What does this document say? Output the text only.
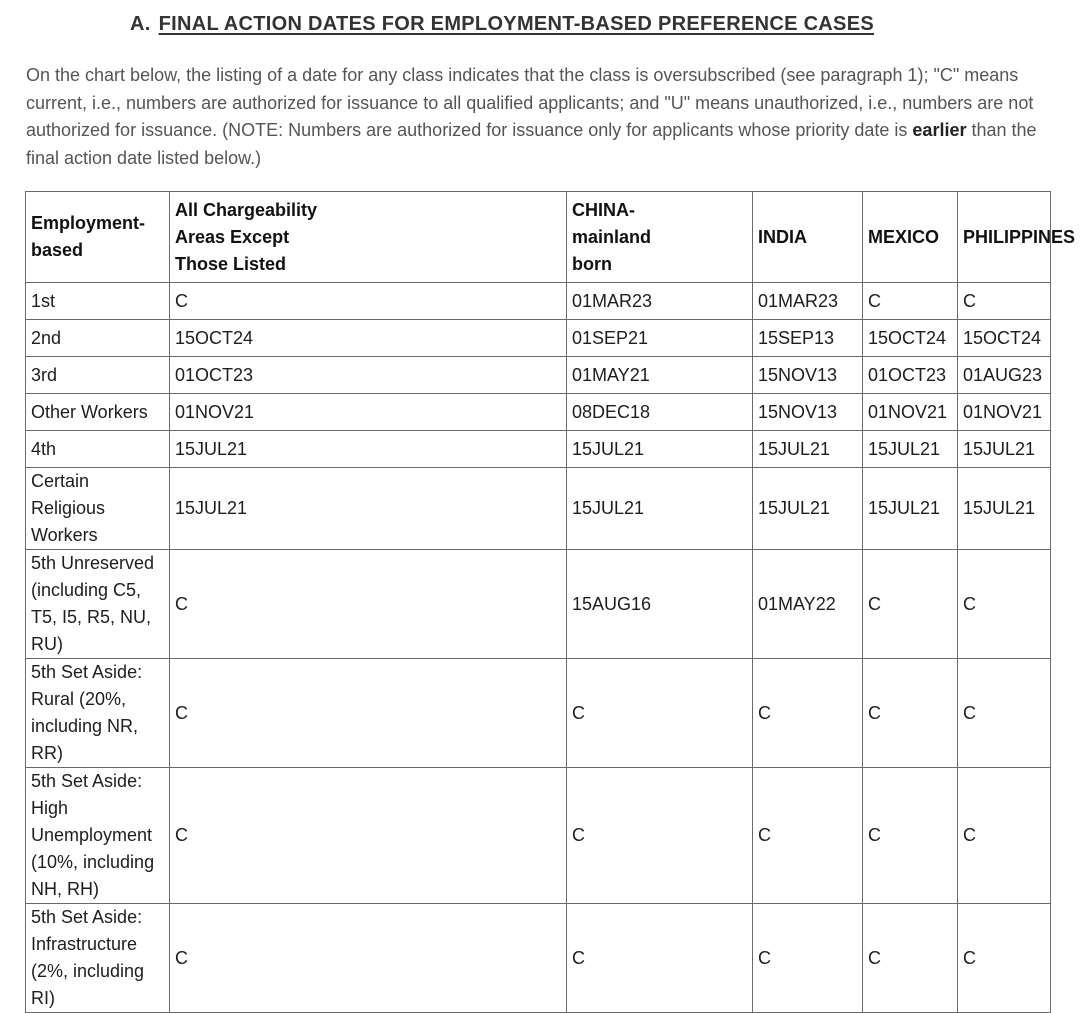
A. FINAL ACTION DATES FOR EMPLOYMENT-BASED PREFERENCE CASES
On the chart below, the listing of a date for any class indicates that the class is oversubscribed (see paragraph 1); "C" means current, i.e., numbers are authorized for issuance to all qualified applicants; and "U" means unauthorized, i.e., numbers are not authorized for issuance. (NOTE: Numbers are authorized for issuance only for applicants whose priority date is earlier than the final action date listed below.)
Employment-
based	All Chargeability
Areas Except
Those Listed	CHINA-
mainland
born	INDIA	MEXICO	PHILIPPINES
1st	C	01MAR23	01MAR23	C	C
2nd	15OCT24	01SEP21	15SEP13	15OCT24	15OCT24
3rd	01OCT23	01MAY21	15NOV13	01OCT23	01AUG23
Other Workers	01NOV21	08DEC18	15NOV13	01NOV21	01NOV21
4th	15JUL21	15JUL21	15JUL21	15JUL21	15JUL21
Certain Religious Workers	15JUL21	15JUL21	15JUL21	15JUL21	15JUL21
5th Unreserved
(including C5, T5, I5, R5, NU, RU)	C	15AUG16	01MAY22	C	C
5th Set Aside:
Rural (20%, including NR, RR)	C	C	C	C	C
5th Set Aside:
High Unemployment (10%, including NH, RH)	C	C	C	C	C
5th Set Aside:
Infrastructure (2%, including RI)	C	C	C	C	C
